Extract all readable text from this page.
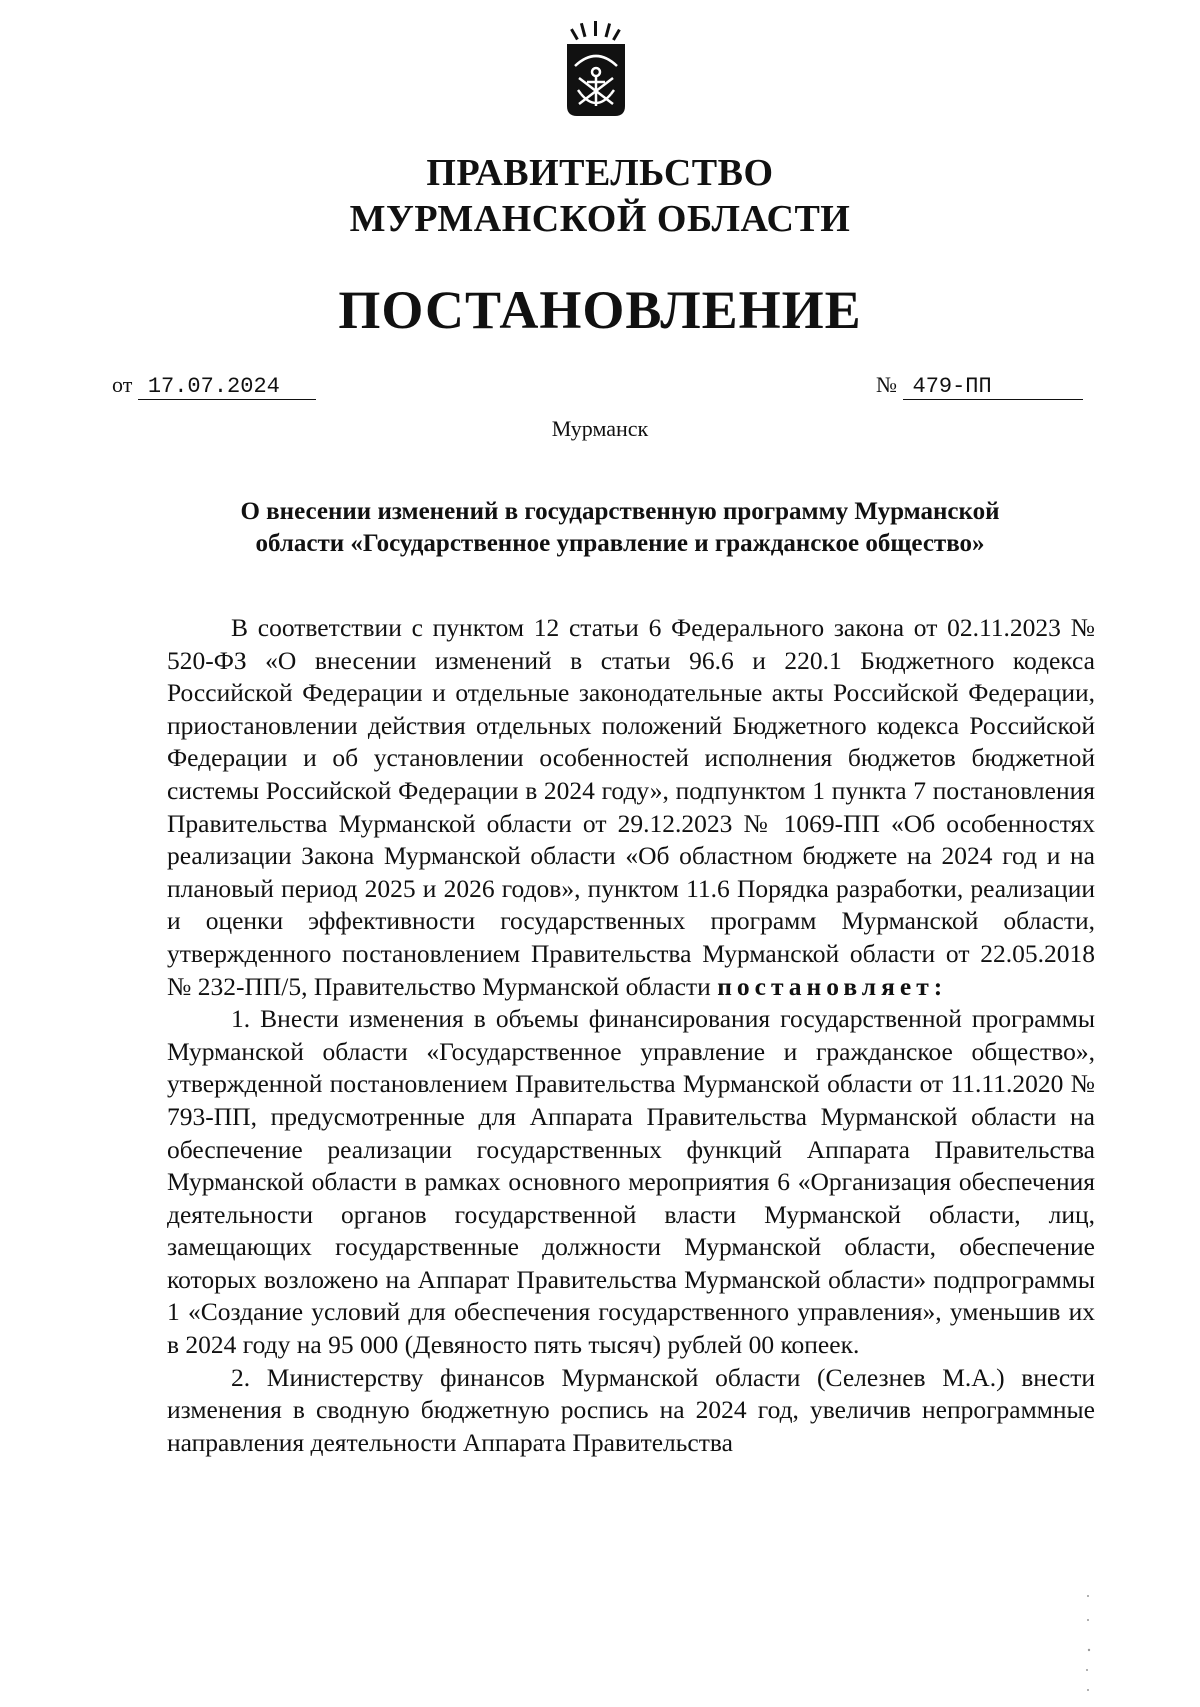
ПРАВИТЕЛЬСТВО
МУРМАНСКОЙ ОБЛАСТИ
ПОСТАНОВЛЕНИЕ
от 17.07.2024	№ 479-ПП
Мурманск
О внесении изменений в государственную программу Мурманской
области «Государственное управление и гражданское общество»

В соответствии с пунктом 12 статьи 6 Федерального закона от 02.11.2023 № 520-ФЗ «О внесении изменений в статьи 96.6 и 220.1 Бюджетного кодекса Российской Федерации и отдельные законодательные акты Российской Федерации, приостановлении действия отдельных положений Бюджетного кодекса Российской Федерации и об установлении особенностей исполнения бюджетов бюджетной системы Российской Федерации в 2024 году», подпунктом 1 пункта 7 постановления Правительства Мурманской области от 29.12.2023 № 1069-ПП «Об особенностях реализации Закона Мурманской области «Об областном бюджете на 2024 год и на плановый период 2025 и 2026 годов», пунктом 11.6 Порядка разработки, реализации и оценки эффективности государственных программ Мурманской области, утвержденного постановлением Правительства Мурманской области от 22.05.2018 № 232-ПП/5, Правительство Мурманской области постановляет:

1. Внести изменения в объемы финансирования государственной программы Мурманской области «Государственное управление и гражданское общество», утвержденной постановлением Правительства Мурманской области от 11.11.2020 № 793-ПП, предусмотренные для Аппарата Правительства Мурманской области на обеспечение реализации государственных функций Аппарата Правительства Мурманской области в рамках основного мероприятия 6 «Организация обеспечения деятельности органов государственной власти Мурманской области, лиц, замещающих государственные должности Мурманской области, обеспечение которых возложено на Аппарат Правительства Мурманской области» подпрограммы 1 «Создание условий для обеспечения государственного управления», уменьшив их в 2024 году на 95 000 (Девяносто пять тысяч) рублей 00 копеек.

2. Министерству финансов Мурманской области (Селезнев М.А.) внести изменения в сводную бюджетную роспись на 2024 год, увеличив непрограммные направления деятельности Аппарата Правительства
